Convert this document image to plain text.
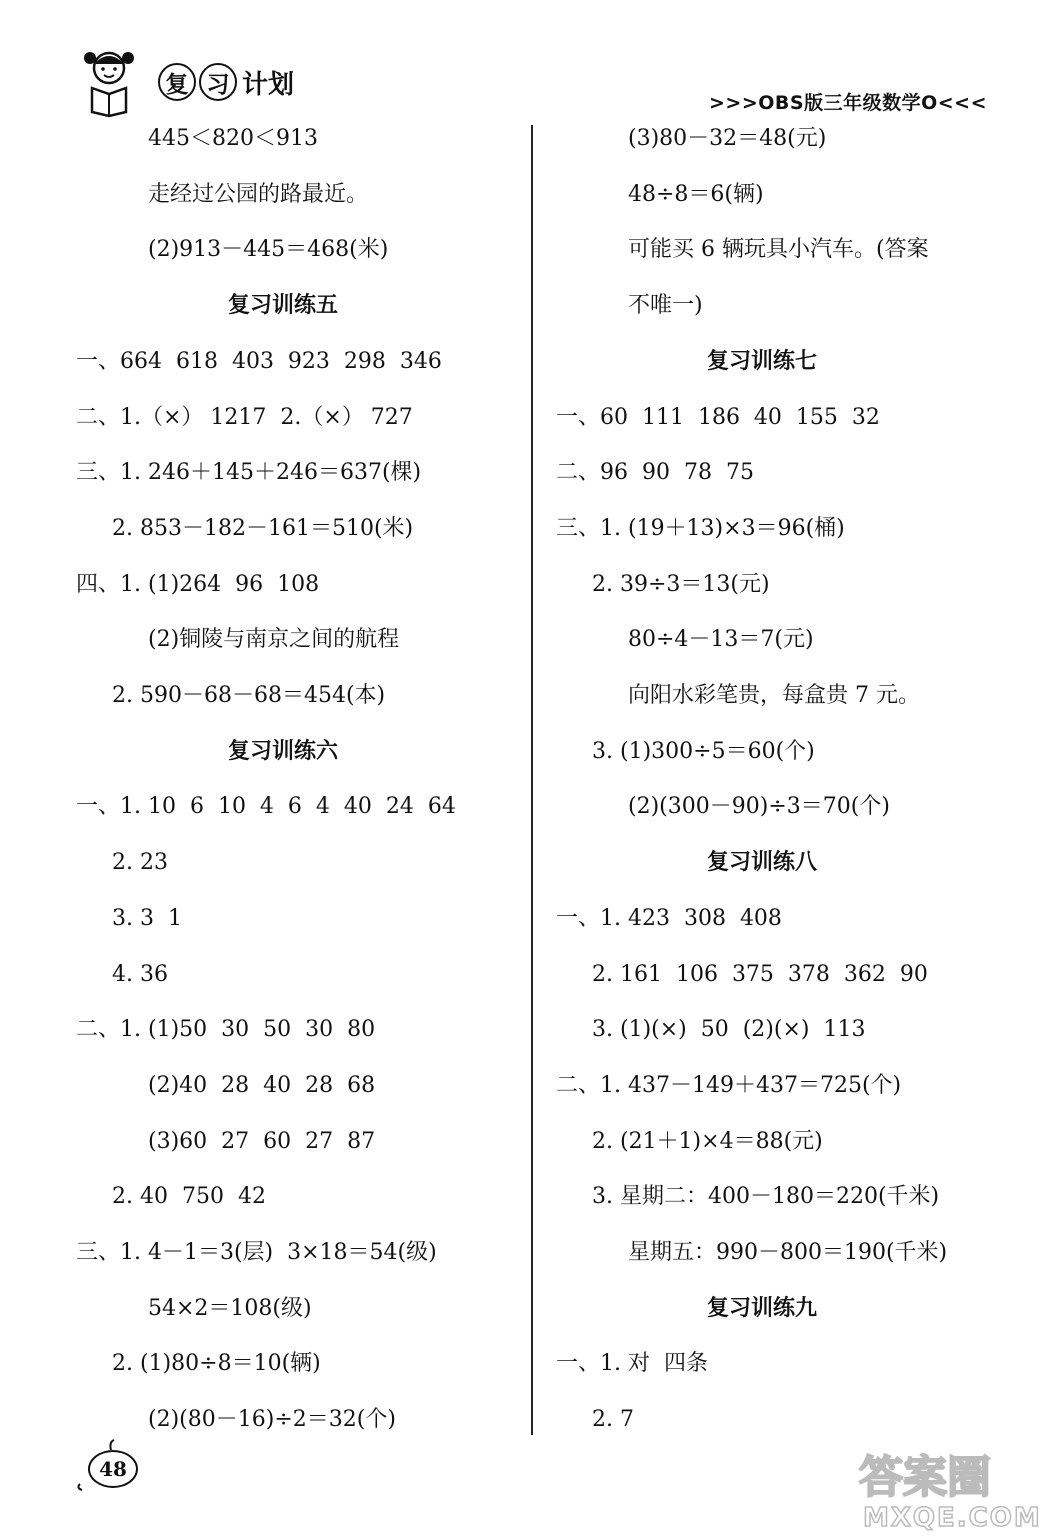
复 习 计划
>>>OBS版三年级数学O<<<
445＜820＜913
走经过公园的路最近。
(2)913－445＝468(米)
复习训练五
一、664  618  403  923  298  346
二、1.（×） 1217  2.（×） 727
三、1. 246＋145＋246＝637(棵)
2. 853－182－161＝510(米)
四、1. (1)264  96  108
(2)铜陵与南京之间的航程
2. 590－68－68＝454(本)
复习训练六
一、1. 10  6  10  4  6  4  40  24  64
2. 23
3. 3  1
4. 36
二、1. (1)50  30  50  30  80
(2)40  28  40  28  68
(3)60  27  60  27  87
2. 40  750  42
三、1. 4－1＝3(层)  3×18＝54(级)
54×2＝108(级)
2. (1)80÷8＝10(辆)
(2)(80－16)÷2＝32(个)
(3)80－32＝48(元)
48÷8＝6(辆)
可能买 6 辆玩具小汽车。(答案
不唯一)
复习训练七
一、60  111  186  40  155  32
二、96  90  78  75
三、1. (19＋13)×3＝96(桶)
2. 39÷3＝13(元)
80÷4－13＝7(元)
向阳水彩笔贵，每盒贵 7 元。
3. (1)300÷5＝60(个)
(2)(300－90)÷3＝70(个)
复习训练八
一、1. 423  308  408
2. 161  106  375  378  362  90
3. (1)(×)  50  (2)(×)  113
二、1. 437－149＋437＝725(个)
2. (21＋1)×4＝88(元)
3. 星期二：400－180＝220(千米)
星期五：990－800＝190(千米)
复习训练九
一、1. 对  四条
2. 7
48	答案圈
MXQE.COM
